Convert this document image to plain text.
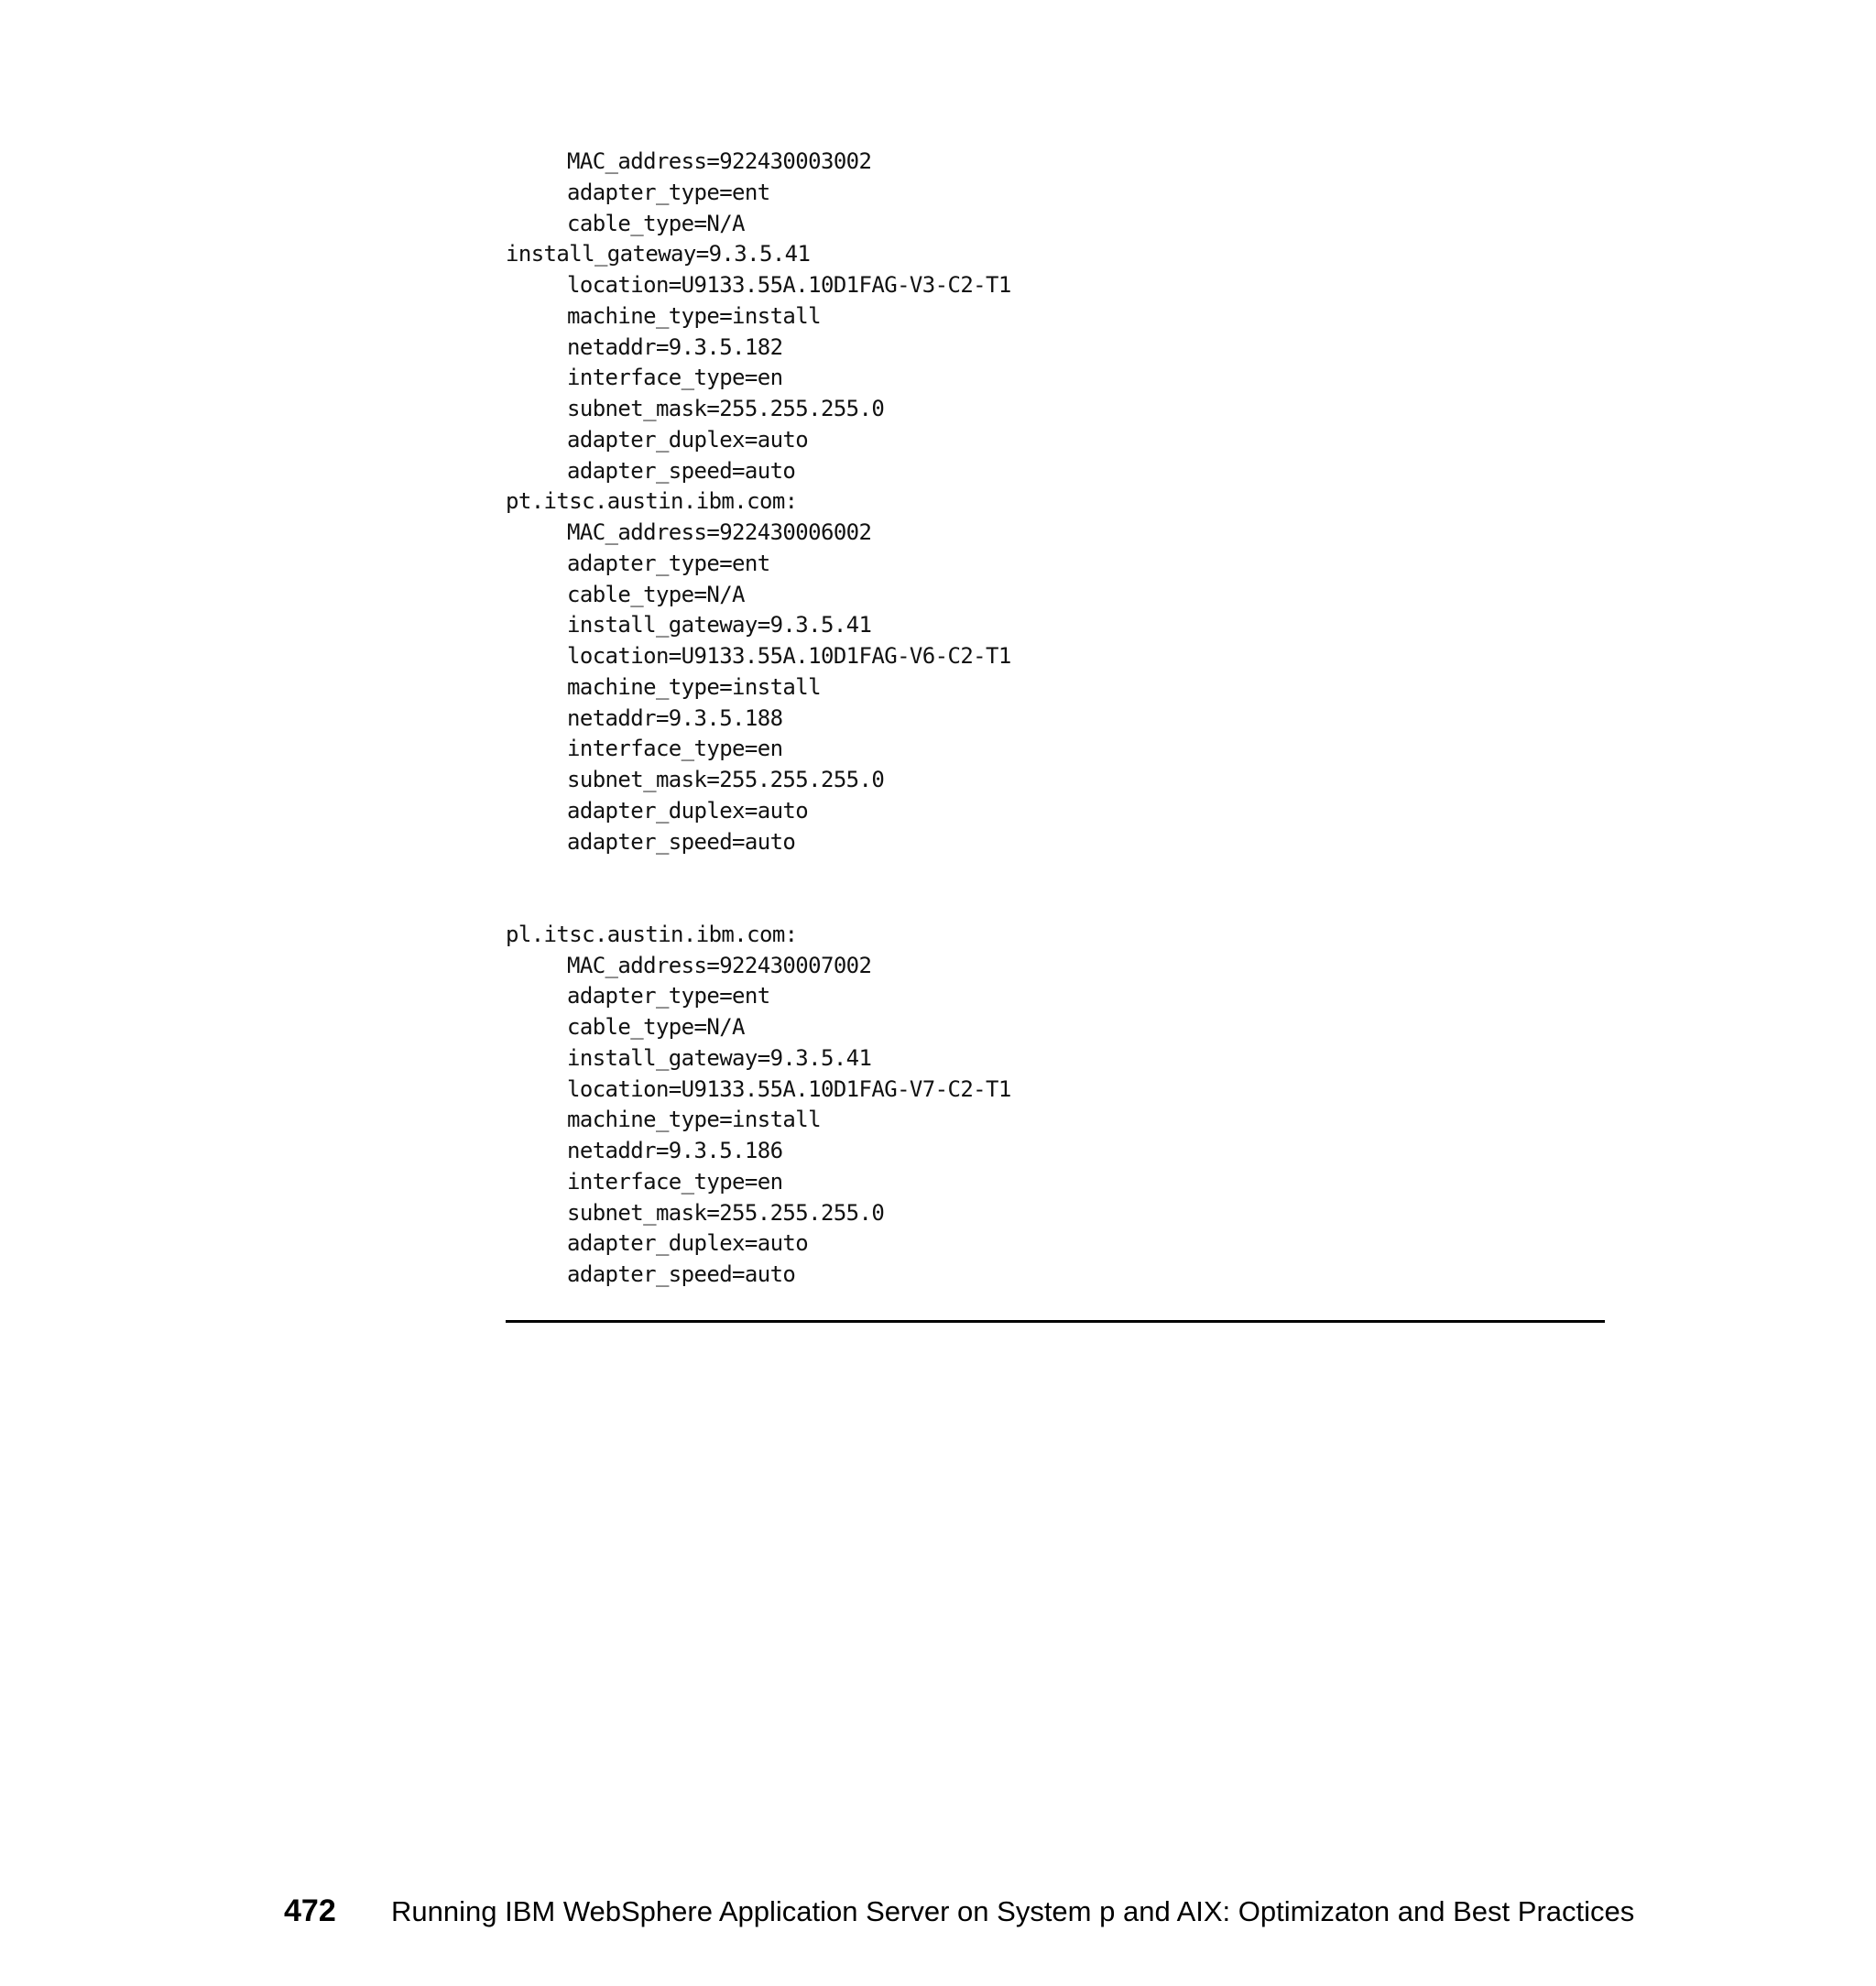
MAC_address=922430003002
adapter_type=ent
cable_type=N/A
install_gateway=9.3.5.41
location=U9133.55A.10D1FAG-V3-C2-T1
machine_type=install
netaddr=9.3.5.182
interface_type=en
subnet_mask=255.255.255.0
adapter_duplex=auto
adapter_speed=auto
pt.itsc.austin.ibm.com:
MAC_address=922430006002
adapter_type=ent
cable_type=N/A
install_gateway=9.3.5.41
location=U9133.55A.10D1FAG-V6-C2-T1
machine_type=install
netaddr=9.3.5.188
interface_type=en
subnet_mask=255.255.255.0
adapter_duplex=auto
adapter_speed=auto
pl.itsc.austin.ibm.com:
MAC_address=922430007002
adapter_type=ent
cable_type=N/A
install_gateway=9.3.5.41
location=U9133.55A.10D1FAG-V7-C2-T1
machine_type=install
netaddr=9.3.5.186
interface_type=en
subnet_mask=255.255.255.0
adapter_duplex=auto
adapter_speed=auto
472 Running IBM WebSphere Application Server on System p and AIX: Optimizaton and Best Practices
